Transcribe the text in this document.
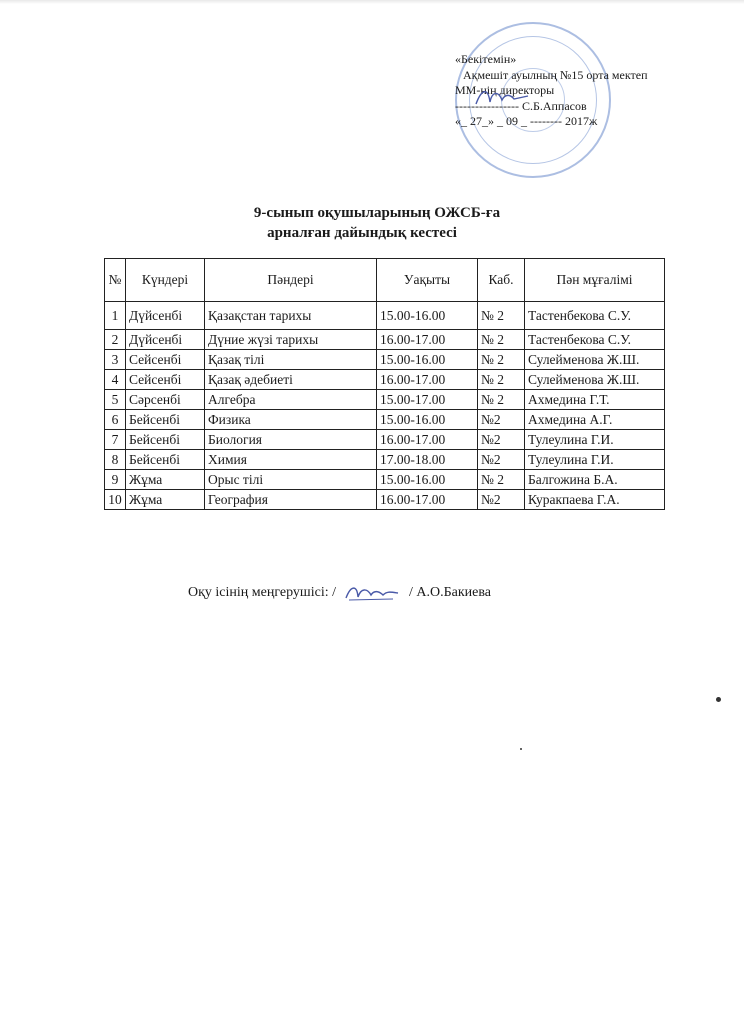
«Бекітемін»
Ақмешіт ауылның №15 орта мектеп
ММ-нің директоры
---------------- С.Б.Аппасов
«_ 27_» _ 09 _ -------- 2017ж
9-сынып оқушыларының ОЖСБ-ға
арналған дайындық кестесі
№	Күндері	Пәндері	Уақыты	Каб.	Пән мұғалімі
1	Дүйсенбі	Қазақстан тарихы	15.00-16.00	№ 2	Тастенбекова С.У.
2	Дүйсенбі	Дүние жүзі тарихы	16.00-17.00	№ 2	Тастенбекова С.У.
3	Сейсенбі	Қазақ тілі	15.00-16.00	№ 2	Сулейменова Ж.Ш.
4	Сейсенбі	Қазақ әдебиеті	16.00-17.00	№ 2	Сулейменова Ж.Ш.
5	Сәрсенбі	Алгебра	15.00-17.00	№ 2	Ахмедина Г.Т.
6	Бейсенбі	Физика	15.00-16.00	№2	Ахмедина А.Г.
7	Бейсенбі	Биология	16.00-17.00	№2	Тулеулина Г.И.
8	Бейсенбі	Химия	17.00-18.00	№2	Тулеулина Г.И.
9	Жұма	Орыс тілі	15.00-16.00	№ 2	Балгожина Б.А.
10	Жұма	География	16.00-17.00	№2	Куракпаева Г.А.
Оқу ісінің меңгерушісі: /	/ А.О.Бакиева
